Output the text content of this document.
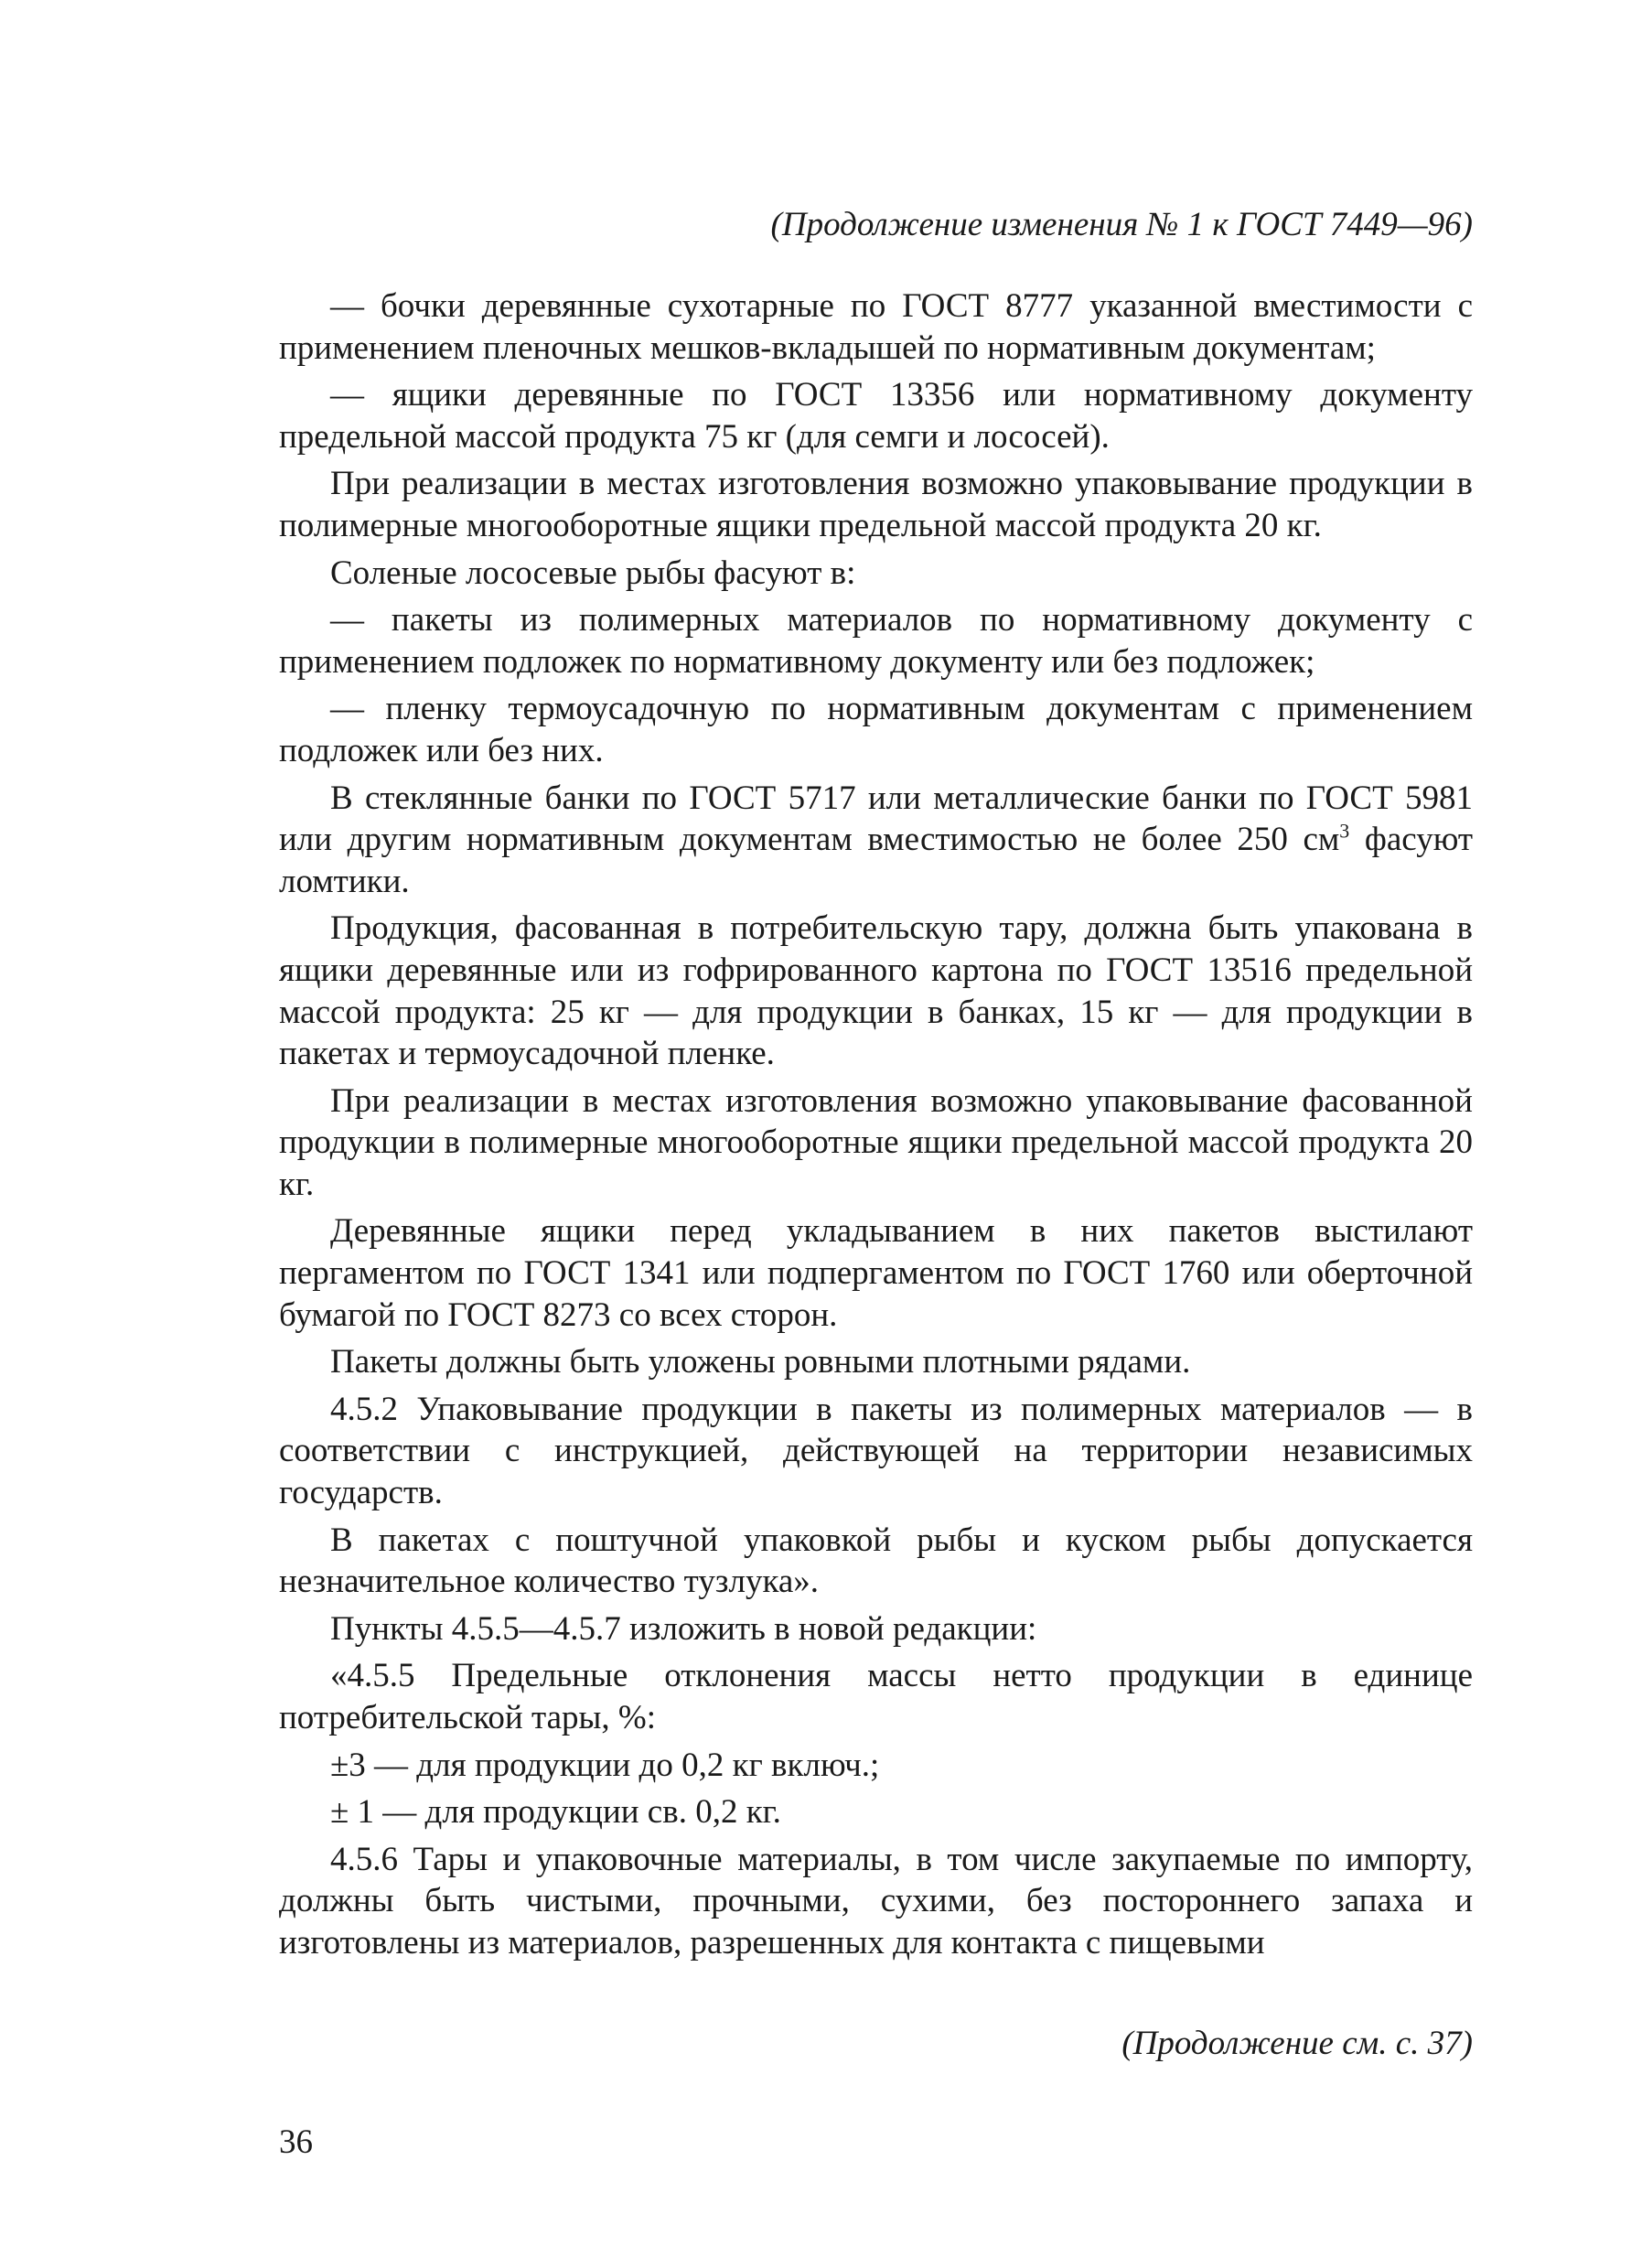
(Продолжение изменения № 1 к ГОСТ 7449—96)

— бочки деревянные сухотарные по ГОСТ 8777 указанной вместимости с применением пленочных мешков-вкладышей по нормативным документам;

— ящики деревянные по ГОСТ 13356 или нормативному документу предельной массой продукта 75 кг (для семги и лососей).

При реализации в местах изготовления возможно упаковывание продукции в полимерные многооборотные ящики предельной массой продукта 20 кг.

Соленые лососевые рыбы фасуют в:

— пакеты из полимерных материалов по нормативному документу с применением подложек по нормативному документу или без подложек;

— пленку термоусадочную по нормативным документам с применением подложек или без них.

В стеклянные банки по ГОСТ 5717 или металлические банки по ГОСТ 5981 или другим нормативным документам вместимостью не более 250 $см^3$ фасуют ломтики.

Продукция, фасованная в потребительскую тару, должна быть упакована в ящики деревянные или из гофрированного картона по ГОСТ 13516 предельной массой продукта: 25 кг — для продукции в банках, 15 кг — для продукции в пакетах и термоусадочной пленке.

При реализации в местах изготовления возможно упаковывание фасованной продукции в полимерные многооборотные ящики предельной массой продукта 20 кг.

Деревянные ящики перед укладыванием в них пакетов выстилают пергаментом по ГОСТ 1341 или подпергаментом по ГОСТ 1760 или оберточной бумагой по ГОСТ 8273 со всех сторон.

Пакеты должны быть уложены ровными плотными рядами.

4.5.2 Упаковывание продукции в пакеты из полимерных материалов — в соответствии с инструкцией, действующей на территории независимых государств.

В пакетах с поштучной упаковкой рыбы и куском рыбы допускается незначительное количество тузлука».

Пункты 4.5.5—4.5.7 изложить в новой редакции:

«4.5.5 Предельные отклонения массы нетто продукции в единице потребительской тары, %:

±3 — для продукции до 0,2 кг включ.;

± 1 — для продукции св. 0,2 кг.

4.5.6 Тары и упаковочные материалы, в том числе закупаемые по импорту, должны быть чистыми, прочными, сухими, без постороннего запаха и изготовлены из материалов, разрешенных для контакта с пищевыми

(Продолжение см. с. 37)
36
